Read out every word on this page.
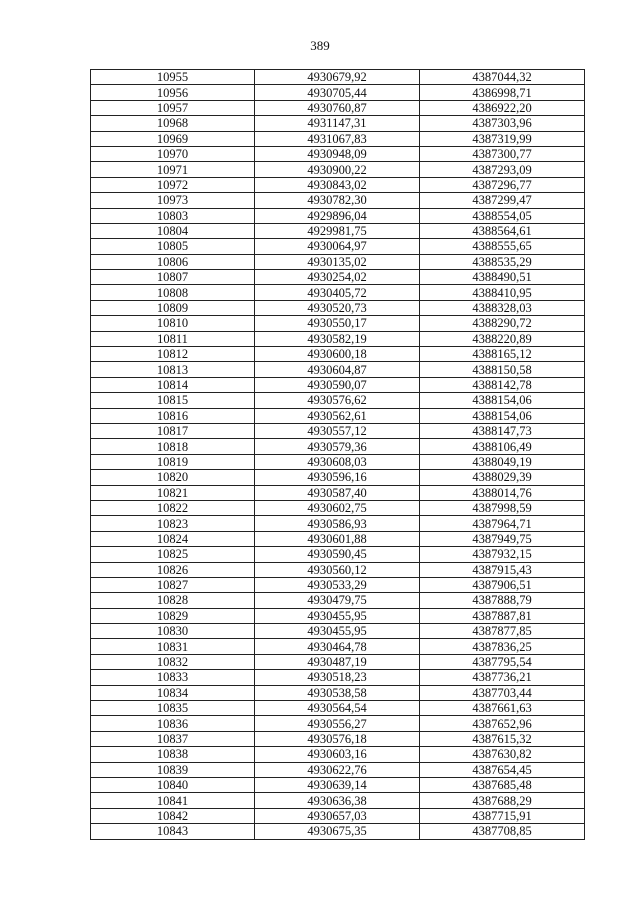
389
10955	4930679,92	4387044,32
10956	4930705,44	4386998,71
10957	4930760,87	4386922,20
10968	4931147,31	4387303,96
10969	4931067,83	4387319,99
10970	4930948,09	4387300,77
10971	4930900,22	4387293,09
10972	4930843,02	4387296,77
10973	4930782,30	4387299,47
10803	4929896,04	4388554,05
10804	4929981,75	4388564,61
10805	4930064,97	4388555,65
10806	4930135,02	4388535,29
10807	4930254,02	4388490,51
10808	4930405,72	4388410,95
10809	4930520,73	4388328,03
10810	4930550,17	4388290,72
10811	4930582,19	4388220,89
10812	4930600,18	4388165,12
10813	4930604,87	4388150,58
10814	4930590,07	4388142,78
10815	4930576,62	4388154,06
10816	4930562,61	4388154,06
10817	4930557,12	4388147,73
10818	4930579,36	4388106,49
10819	4930608,03	4388049,19
10820	4930596,16	4388029,39
10821	4930587,40	4388014,76
10822	4930602,75	4387998,59
10823	4930586,93	4387964,71
10824	4930601,88	4387949,75
10825	4930590,45	4387932,15
10826	4930560,12	4387915,43
10827	4930533,29	4387906,51
10828	4930479,75	4387888,79
10829	4930455,95	4387887,81
10830	4930455,95	4387877,85
10831	4930464,78	4387836,25
10832	4930487,19	4387795,54
10833	4930518,23	4387736,21
10834	4930538,58	4387703,44
10835	4930564,54	4387661,63
10836	4930556,27	4387652,96
10837	4930576,18	4387615,32
10838	4930603,16	4387630,82
10839	4930622,76	4387654,45
10840	4930639,14	4387685,48
10841	4930636,38	4387688,29
10842	4930657,03	4387715,91
10843	4930675,35	4387708,85
